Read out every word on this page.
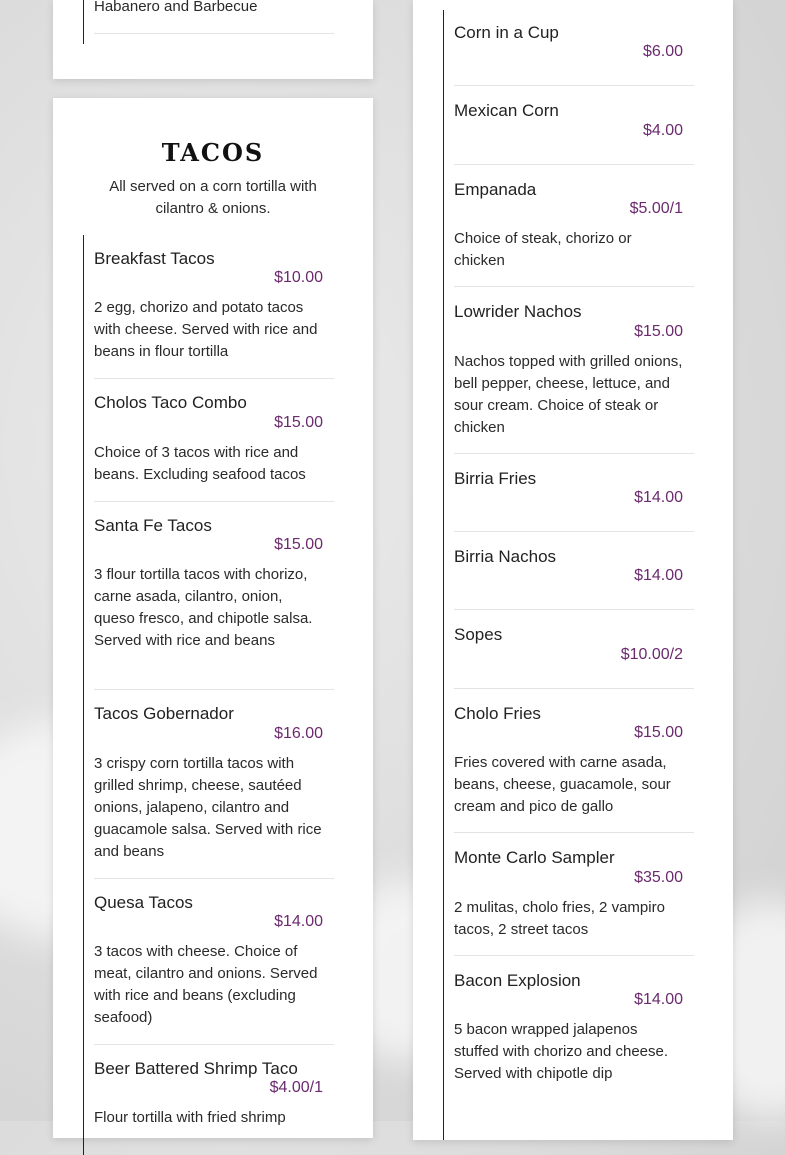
Habanero and Barbecue
TACOS
All served on a corn tortilla with cilantro & onions.
Breakfast Tacos
$10.00
2 egg, chorizo and potato tacos with cheese. Served with rice and beans in flour tortilla
Cholos Taco Combo
$15.00
Choice of 3 tacos with rice and beans. Excluding seafood tacos
Santa Fe Tacos
$15.00
3 flour tortilla tacos with chorizo, carne asada, cilantro, onion, queso fresco, and chipotle salsa. Served with rice and beans
Tacos Gobernador
$16.00
3 crispy corn tortilla tacos with grilled shrimp, cheese, sautéed onions, jalapeno, cilantro and guacamole salsa. Served with rice and beans
Quesa Tacos
$14.00
3 tacos with cheese. Choice of meat, cilantro and onions. Served with rice and beans (excluding seafood)
Beer Battered Shrimp Taco
$4.00/1
Flour tortilla with fried shrimp
Corn in a Cup
$6.00
Mexican Corn
$4.00
Empanada
$5.00/1
Choice of steak, chorizo or chicken
Lowrider Nachos
$15.00
Nachos topped with grilled onions, bell pepper, cheese, lettuce, and sour cream. Choice of steak or chicken
Birria Fries
$14.00
Birria Nachos
$14.00
Sopes
$10.00/2
Cholo Fries
$15.00
Fries covered with carne asada, beans, cheese, guacamole, sour cream and pico de gallo
Monte Carlo Sampler
$35.00
2 mulitas, cholo fries, 2 vampiro tacos, 2 street tacos
Bacon Explosion
$14.00
5 bacon wrapped jalapenos stuffed with chorizo and cheese. Served with chipotle dip
